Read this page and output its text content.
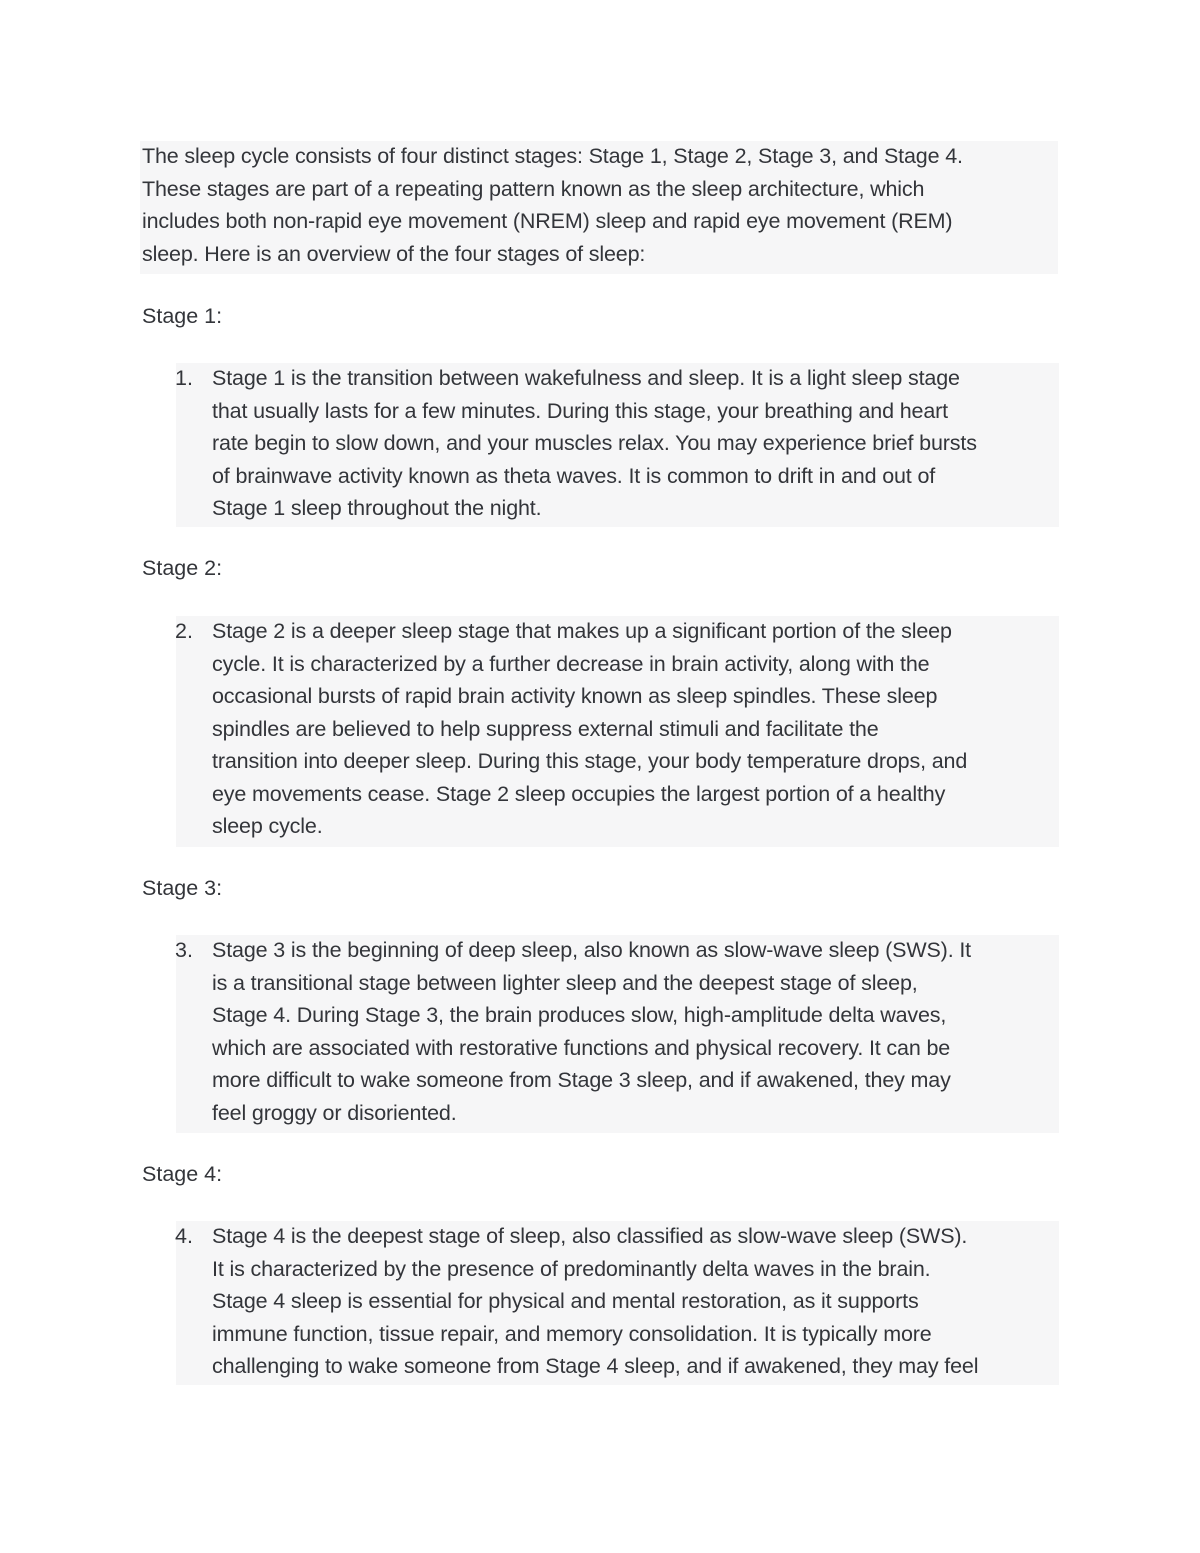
The sleep cycle consists of four distinct stages: Stage 1, Stage 2, Stage 3, and Stage 4.
These stages are part of a repeating pattern known as the sleep architecture, which
includes both non-rapid eye movement (NREM) sleep and rapid eye movement (REM)
sleep. Here is an overview of the four stages of sleep:
Stage 1:
1. Stage 1 is the transition between wakefulness and sleep. It is a light sleep stage
that usually lasts for a few minutes. During this stage, your breathing and heart
rate begin to slow down, and your muscles relax. You may experience brief bursts
of brainwave activity known as theta waves. It is common to drift in and out of
Stage 1 sleep throughout the night.
Stage 2:
2. Stage 2 is a deeper sleep stage that makes up a significant portion of the sleep
cycle. It is characterized by a further decrease in brain activity, along with the
occasional bursts of rapid brain activity known as sleep spindles. These sleep
spindles are believed to help suppress external stimuli and facilitate the
transition into deeper sleep. During this stage, your body temperature drops, and
eye movements cease. Stage 2 sleep occupies the largest portion of a healthy
sleep cycle.
Stage 3:
3. Stage 3 is the beginning of deep sleep, also known as slow-wave sleep (SWS). It
is a transitional stage between lighter sleep and the deepest stage of sleep,
Stage 4. During Stage 3, the brain produces slow, high-amplitude delta waves,
which are associated with restorative functions and physical recovery. It can be
more difficult to wake someone from Stage 3 sleep, and if awakened, they may
feel groggy or disoriented.
Stage 4:
4. Stage 4 is the deepest stage of sleep, also classified as slow-wave sleep (SWS).
It is characterized by the presence of predominantly delta waves in the brain.
Stage 4 sleep is essential for physical and mental restoration, as it supports
immune function, tissue repair, and memory consolidation. It is typically more
challenging to wake someone from Stage 4 sleep, and if awakened, they may feel
